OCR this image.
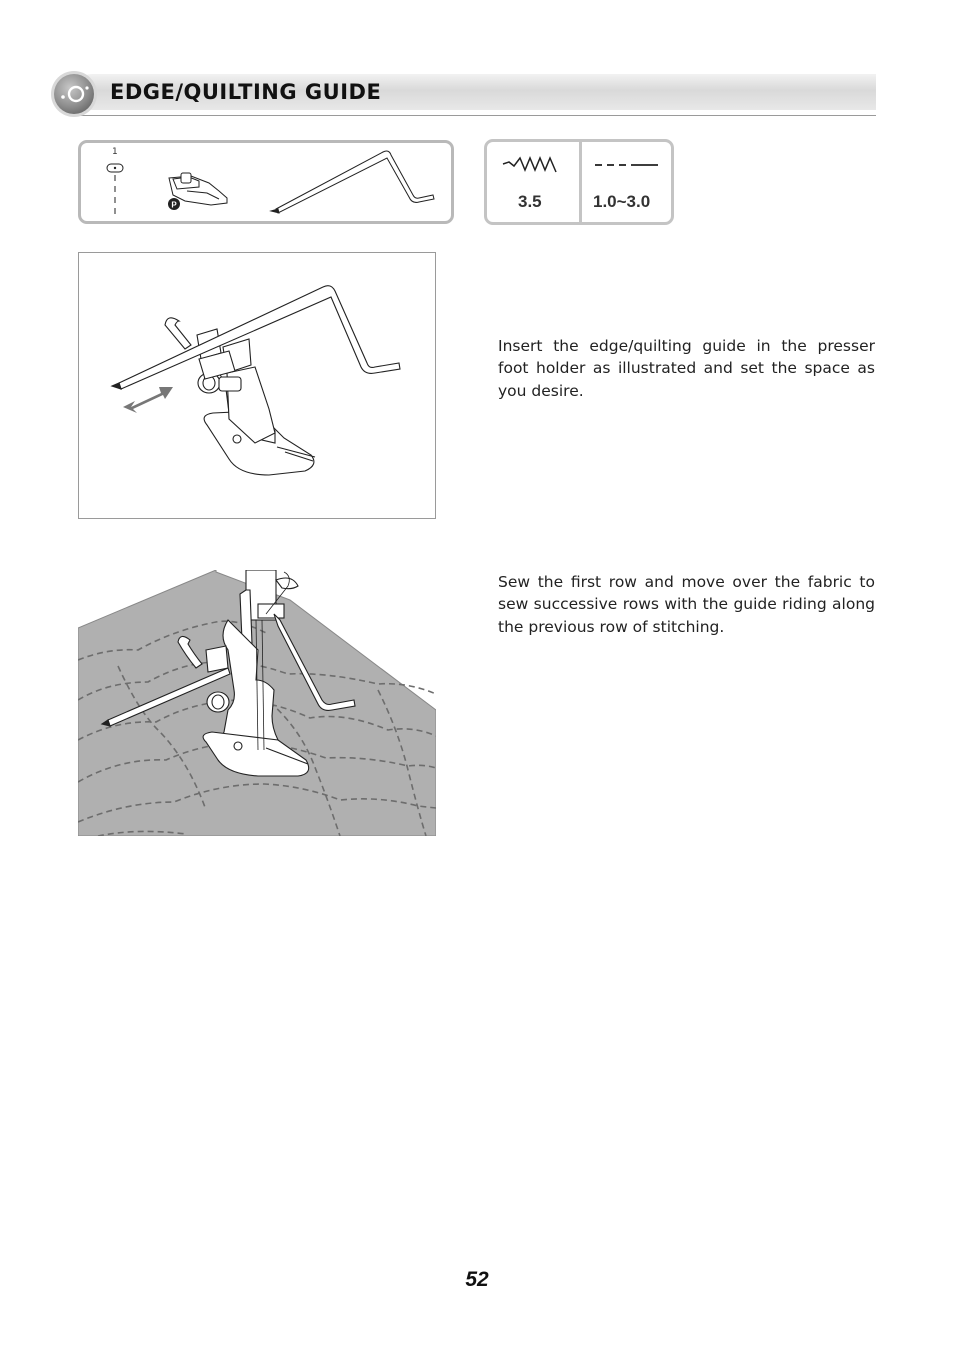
EDGE/QUILTING GUIDE
1
P	3.5	1.0~3.0

Insert the edge/quilting guide in the presser foot holder as illustrated and set the space as you desire.

Sew the first row and move over the fabric to sew successive rows with the guide riding along the previous row of stitching.

52
